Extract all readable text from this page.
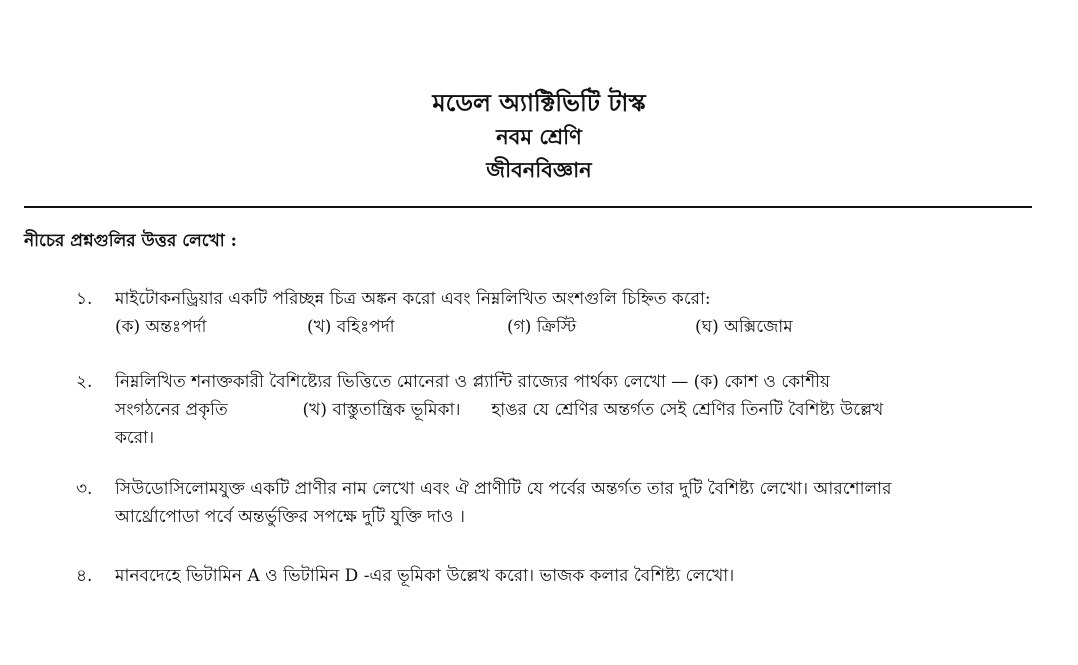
মডেল অ্যাক্টিভিটি টাস্ক
নবম শ্রেণি
জীবনবিজ্ঞান
নীচের প্রশ্নগুলির উত্তর লেখো :
১.	মাইটোকনড্রিয়ার একটি পরিচ্ছন্ন চিত্র অঙ্কন করো এবং নিম্নলিখিত অংশগুলি চিহ্নিত করো:
(ক) অন্তঃপর্দা	(খ) বহিঃপর্দা	(গ) ক্রিস্টি	(ঘ) অক্সিজোম
২.	নিম্নলিখিত শনাক্তকারী বৈশিষ্ট্যের ভিত্তিতে মোনেরা ও প্ল্যান্টি রাজ্যের পার্থক্য লেখো — (ক) কোশ ও কোশীয়
সংগঠনের প্রকৃতি	(খ) বাস্তুতান্ত্রিক ভূমিকা। হাঙর যে শ্রেণির অন্তর্গত সেই শ্রেণির তিনটি বৈশিষ্ট্য উল্লেখ
করো।
৩.	সিউডোসিলোমযুক্ত একটি প্রাণীর নাম লেখো এবং ঐ প্রাণীটি যে পর্বের অন্তর্গত তার দুটি বৈশিষ্ট্য লেখো। আরশোলার
আর্থ্রোপোডা পর্বে অন্তর্ভুক্তির সপক্ষে দুটি যুক্তি দাও ।
৪.	মানবদেহে ভিটামিন A ও ভিটামিন D -এর ভূমিকা উল্লেখ করো। ভাজক কলার বৈশিষ্ট্য লেখো।
